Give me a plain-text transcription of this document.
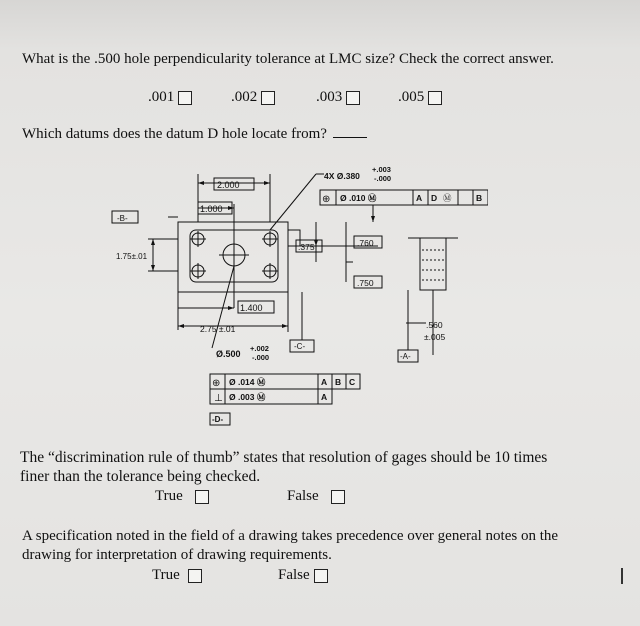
What is the .500 hole perpendicularity tolerance at LMC size? Check the correct answer.
.001	.002	.003	.005
Which datums does the datum D hole locate from?
2.000
1.000
-B-
1.75±.01
1.400
2.75 ±.01
Ø.500
+.002
-.000
-C-
4X Ø.380
+.003
-.000
⊕ Ø .010 Ⓜ	A D Ⓜ	B
.375	.760
.750
.560
±.005
-A-
⊕ Ø .014 Ⓜ	A B C
⊥ Ø .003 Ⓜ	A
-D-
The “discrimination rule of thumb” states that resolution of gages should be 10 times
finer than the tolerance being checked.
True	False
A specification noted in the field of a drawing takes precedence over general notes on the
drawing for interpretation of drawing requirements.
True	False
